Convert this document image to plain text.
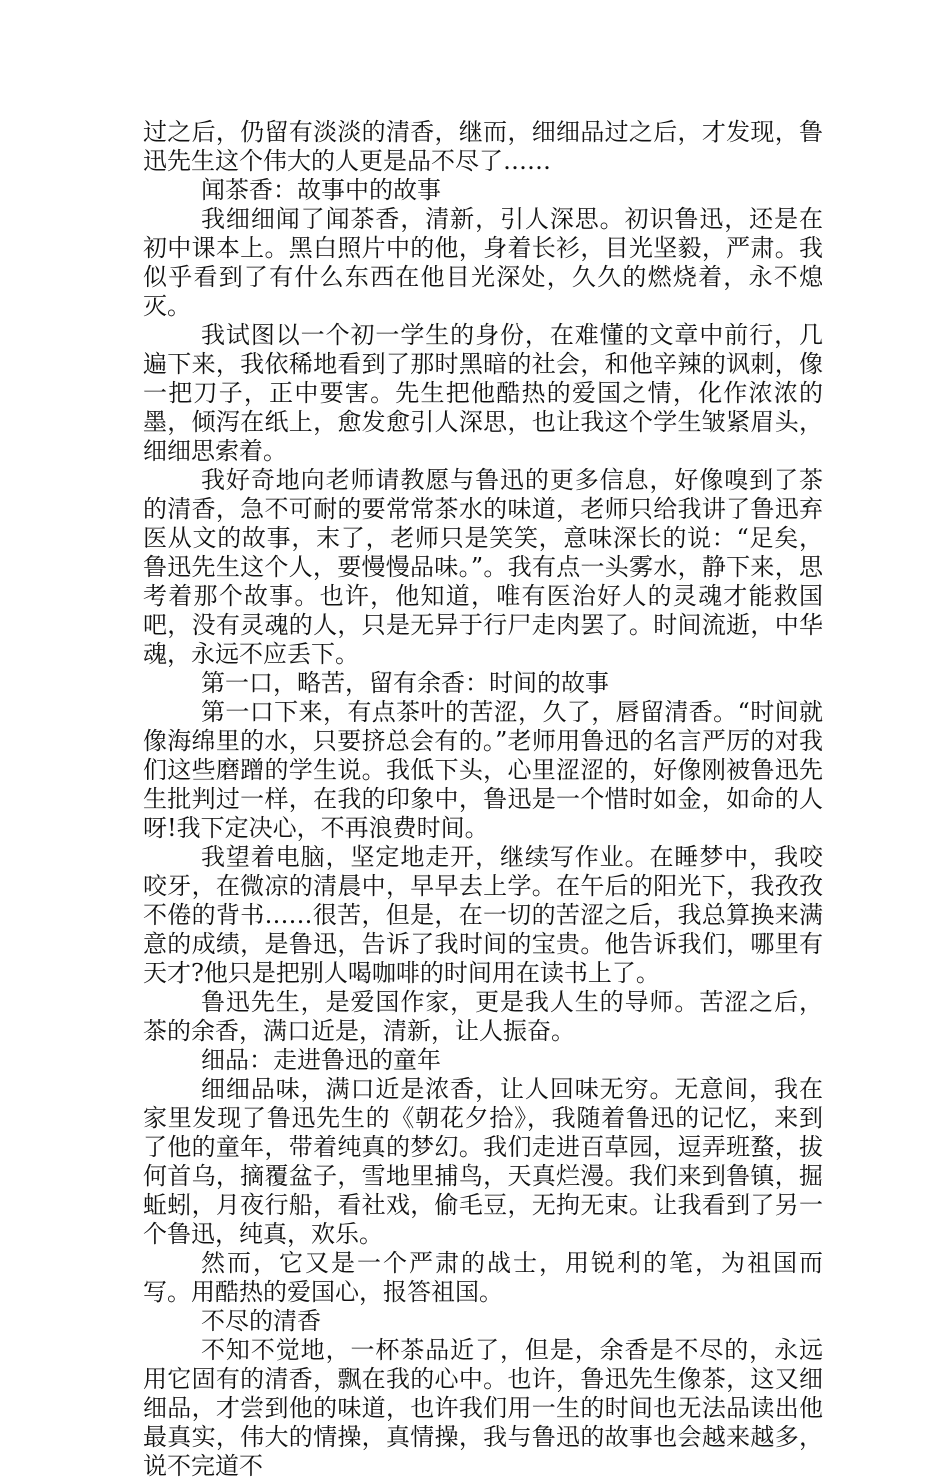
过之后，仍留有淡淡的清香，继而，细细品过之后，才发现，鲁迅先生这个伟大的人更是品不尽了……

闻茶香：故事中的故事

我细细闻了闻茶香，清新，引人深思。初识鲁迅，还是在初中课本上。黑白照片中的他，身着长衫，目光坚毅，严肃。我似乎看到了有什么东西在他目光深处，久久的燃烧着，永不熄灭。

我试图以一个初一学生的身份，在难懂的文章中前行，几遍下来，我依稀地看到了那时黑暗的社会，和他辛辣的讽刺，像一把刀子，正中要害。先生把他酷热的爱国之情，化作浓浓的墨，倾泻在纸上，愈发愈引人深思，也让我这个学生皱紧眉头，细细思索着。

我好奇地向老师请教愿与鲁迅的更多信息，好像嗅到了茶的清香，急不可耐的要常常茶水的味道，老师只给我讲了鲁迅弃医从文的故事，末了，老师只是笑笑，意味深长的说：“足矣，鲁迅先生这个人，要慢慢品味。”。我有点一头雾水，静下来，思考着那个故事。也许，他知道，唯有医治好人的灵魂才能救国吧，没有灵魂的人，只是无异于行尸走肉罢了。时间流逝，中华魂，永远不应丢下。

第一口，略苦，留有余香：时间的故事

第一口下来，有点茶叶的苦涩，久了，唇留清香。“时间就像海绵里的水，只要挤总会有的。”老师用鲁迅的名言严厉的对我们这些磨蹭的学生说。我低下头，心里涩涩的，好像刚被鲁迅先生批判过一样，在我的印象中，鲁迅是一个惜时如金，如命的人呀!我下定决心，不再浪费时间。

我望着电脑，坚定地走开，继续写作业。在睡梦中，我咬咬牙，在微凉的清晨中，早早去上学。在午后的阳光下，我孜孜不倦的背书……很苦，但是，在一切的苦涩之后，我总算换来满意的成绩，是鲁迅，告诉了我时间的宝贵。他告诉我们，哪里有天才?他只是把别人喝咖啡的时间用在读书上了。

鲁迅先生，是爱国作家，更是我人生的导师。苦涩之后，茶的余香，满口近是，清新，让人振奋。

细品：走进鲁迅的童年

细细品味，满口近是浓香，让人回味无穷。无意间，我在家里发现了鲁迅先生的《朝花夕拾》，我随着鲁迅的记忆，来到了他的童年，带着纯真的梦幻。我们走进百草园，逗弄班蝥，拔何首乌，摘覆盆子，雪地里捕鸟，天真烂漫。我们来到鲁镇，掘蚯蚓，月夜行船，看社戏，偷毛豆，无拘无束。让我看到了另一个鲁迅，纯真，欢乐。

然而，它又是一个严肃的战士，用锐利的笔，为祖国而写。用酷热的爱国心，报答祖国。

不尽的清香

不知不觉地，一杯茶品近了，但是，余香是不尽的，永远用它固有的清香，飘在我的心中。也许，鲁迅先生像茶，这又细细品，才尝到他的味道，也许我们用一生的时间也无法品读出他最真实，伟大的情操，真情操，我与鲁迅的故事也会越来越多，说不完道不
